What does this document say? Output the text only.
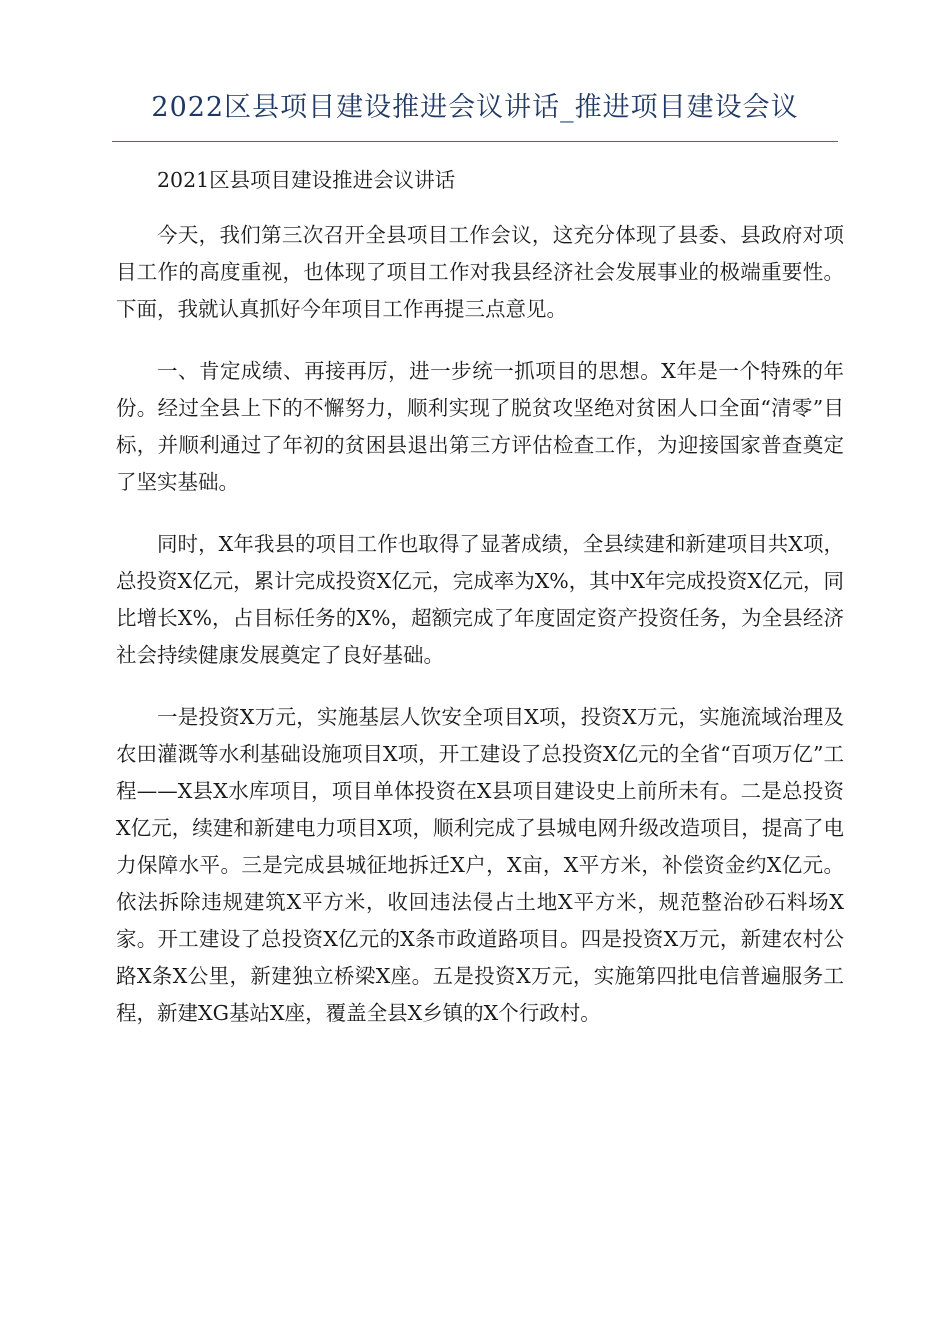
2022区县项目建设推进会议讲话_推进项目建设会议

2021区县项目建设推进会议讲话

今天，我们第三次召开全县项目工作会议，这充分体现了县委、县政府对项目工作的高度重视，也体现了项目工作对我县经济社会发展事业的极端重要性。下面，我就认真抓好今年项目工作再提三点意见。

一、肯定成绩、再接再厉，进一步统一抓项目的思想。X年是一个特殊的年份。经过全县上下的不懈努力，顺利实现了脱贫攻坚绝对贫困人口全面“清零”目标，并顺利通过了年初的贫困县退出第三方评估检查工作，为迎接国家普查奠定了坚实基础。

同时，X年我县的项目工作也取得了显著成绩，全县续建和新建项目共X项，总投资X亿元，累计完成投资X亿元，完成率为X%，其中X年完成投资X亿元，同比增长X%，占目标任务的X%，超额完成了年度固定资产投资任务，为全县经济社会持续健康发展奠定了良好基础。

一是投资X万元，实施基层人饮安全项目X项，投资X万元，实施流域治理及农田灌溉等水利基础设施项目X项，开工建设了总投资X亿元的全省“百项万亿”工程——X县X水库项目，项目单体投资在X县项目建设史上前所未有。二是总投资X亿元，续建和新建电力项目X项，顺利完成了县城电网升级改造项目，提高了电力保障水平。三是完成县城征地拆迁X户，X亩，X平方米，补偿资金约X亿元。依法拆除违规建筑X平方米，收回违法侵占土地X平方米，规范整治砂石料场X家。开工建设了总投资X亿元的X条市政道路项目。四是投资X万元，新建农村公路X条X公里，新建独立桥梁X座。五是投资X万元，实施第四批电信普遍服务工程，新建XG基站X座，覆盖全县X乡镇的X个行政村。
